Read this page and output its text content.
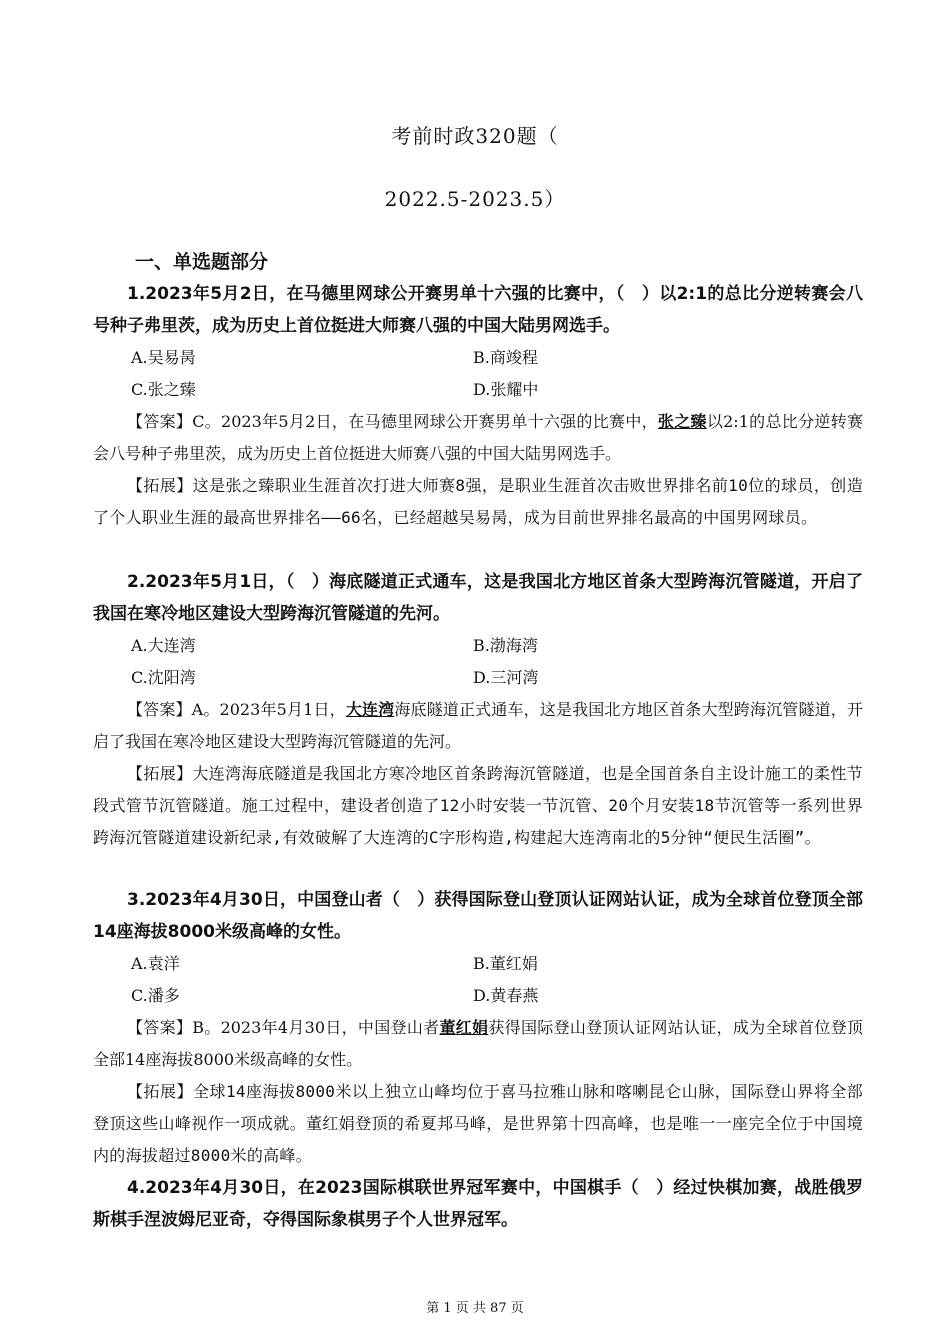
考前时政320题（
2022.5-2023.5）
一、单选题部分
1.2023年5月2日，在马德里网球公开赛男单十六强的比赛中，（　）以2:1的总比分逆转赛会八号种子弗里茨，成为历史上首位挺进大师赛八强的中国大陆男网选手。
A.吴易昺	B.商竣程
C.张之臻	D.张耀中
【答案】C。2023年5月2日，在马德里网球公开赛男单十六强的比赛中，张之臻以2:1的总比分逆转赛会八号种子弗里茨，成为历史上首位挺进大师赛八强的中国大陆男网选手。
【拓展】这是张之臻职业生涯首次打进大师赛8强，是职业生涯首次击败世界排名前10位的球员，创造了个人职业生涯的最高世界排名——66名，已经超越吴易昺，成为目前世界排名最高的中国男网球员。
2.2023年5月1日，（　）海底隧道正式通车，这是我国北方地区首条大型跨海沉管隧道，开启了我国在寒冷地区建设大型跨海沉管隧道的先河。
A.大连湾	B.渤海湾
C.沈阳湾	D.三河湾
【答案】A。2023年5月1日，大连湾海底隧道正式通车，这是我国北方地区首条大型跨海沉管隧道，开启了我国在寒冷地区建设大型跨海沉管隧道的先河。
【拓展】大连湾海底隧道是我国北方寒冷地区首条跨海沉管隧道，也是全国首条自主设计施工的柔性节段式管节沉管隧道。施工过程中，建设者创造了12小时安装一节沉管、20个月安装18节沉管等一系列世界跨海沉管隧道建设新纪录,有效破解了大连湾的C字形构造,构建起大连湾南北的5分钟“便民生活圈”。
3.2023年4月30日，中国登山者（　）获得国际登山登顶认证网站认证，成为全球首位登顶全部14座海拔8000米级高峰的女性。
A.袁洋	B.董红娟
C.潘多	D.黄春燕
【答案】B。2023年4月30日，中国登山者董红娟获得国际登山登顶认证网站认证，成为全球首位登顶全部14座海拔8000米级高峰的女性。
【拓展】全球14座海拔8000米以上独立山峰均位于喜马拉雅山脉和喀喇昆仑山脉，国际登山界将全部登顶这些山峰视作一项成就。董红娟登顶的希夏邦马峰，是世界第十四高峰，也是唯一一座完全位于中国境内的海拔超过8000米的高峰。
4.2023年4月30日，在2023国际棋联世界冠军赛中，中国棋手（　）经过快棋加赛，战胜俄罗斯棋手涅波姆尼亚奇，夺得国际象棋男子个人世界冠军。
第 1 页 共 87 页
